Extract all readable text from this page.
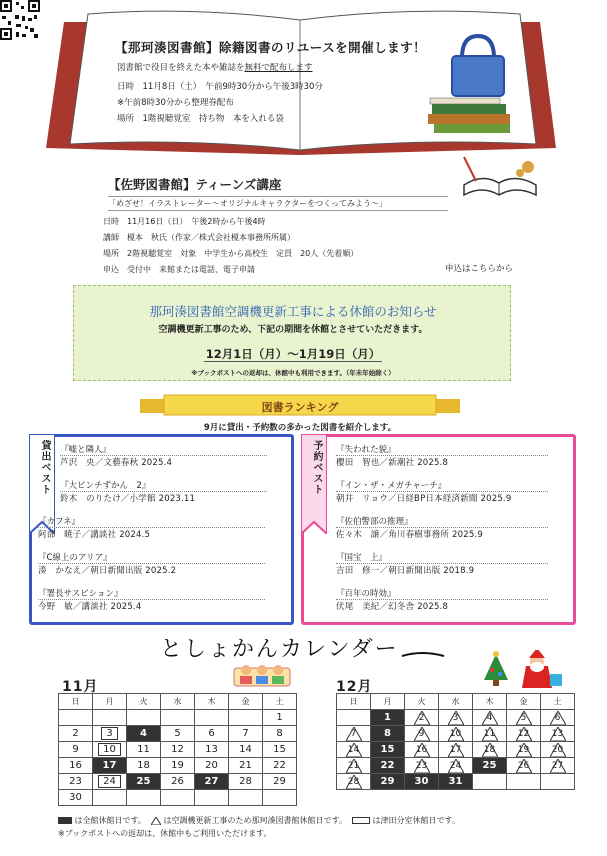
【那珂湊図書館】除籍図書のリユースを開催します！
図書館で役目を終えた本や雑誌を無料で配布します
日時　11月8日（土）　午前9時30分から午後3時30分
※午前8時30分から整理券配布
場所　1階視聴覚室　持ち物　本を入れる袋
【佐野図書館】ティーンズ講座
「めざせ！イラストレーター～オリジナルキャラクターをつくってみよう～」
日時　11月16日（日）　午後2時から午後4時
講師　榎本　秋氏（作家／株式会社榎本事務所所属）
場所　2階視聴覚室　対象　中学生から高校生　定員　20人（先着順）
申込　受付中　来館または電話、電子申請	申込はこちらから
那珂湊図書館空調機更新工事による休館のお知らせ
空調機更新工事のため、下記の期間を休館とさせていただきます。
12月1日（月）～1月19日（月）
※ブックポストへの返却は、休館中も利用できます。（年末年始除く）
図書ランキング
9月に貸出・予約数の多かった図書を紹介します。
貸出ベスト 『嘘と隣人』
芦沢　央／文藝春秋 2025.4
『大ピンチずかん　2』
鈴木　のりたけ／小学館 2023.11
『カフネ』
阿部　暁子／講談社 2024.5
『C線上のアリア』
湊　かなえ／朝日新聞出版 2025.2
『署長サスピション』
今野　敏／講談社 2025.4
予約ベスト 『失われた貌』
櫻田　智也／新潮社 2025.8
『イン・ザ・メガチャーチ』
朝井　リョウ／日経BP日本経済新聞 2025.9
『佐伯警部の推理』
佐々木　譲／角川春樹事務所 2025.9
『国宝　上』
吉田　修一／朝日新聞出版 2018.9
『百年の時効』
伏尾　美紀／幻冬舎 2025.8
としょかんカレンダー
11月	12月
日	月	火	水	木	金	土
						1
2	3	4	5	6	7	8
9	10	11	12	13	14	15
16	17	18	19	20	21	22
23	24	25	26	27	28	29
30						
日	月	火	水	木	金	土
	1	2	3	4	5	6

7	8	9	10	11	12	13

14	15	16	17	18	19	20

21	22	23	24	25	26	27

28	29	30	31			
は全館休館日です。 は空調機更新工事のため那珂湊図書館休館日です。	は津田分室休館日です。
※ブックポストへの返却は、休館中もご利用いただけます。
